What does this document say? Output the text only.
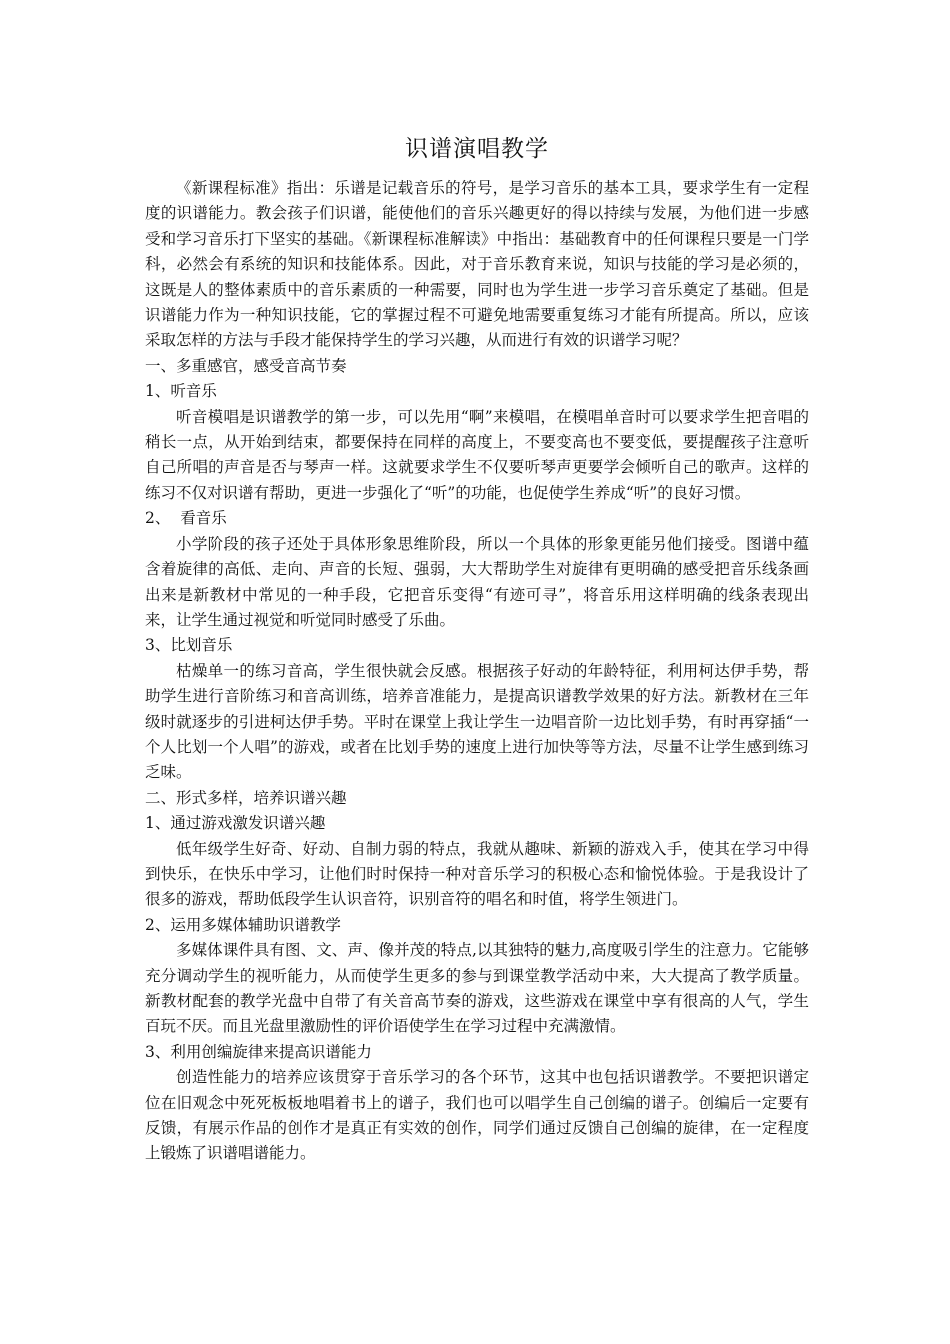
识谱演唱教学

《新课程标准》指出：乐谱是记载音乐的符号，是学习音乐的基本工具，要求学生有一定程度的识谱能力。教会孩子们识谱，能使他们的音乐兴趣更好的得以持续与发展，为他们进一步感受和学习音乐打下坚实的基础。《新课程标准解读》中指出：基础教育中的任何课程只要是一门学科，必然会有系统的知识和技能体系。因此，对于音乐教育来说，知识与技能的学习是必须的，这既是人的整体素质中的音乐素质的一种需要，同时也为学生进一步学习音乐奠定了基础。但是识谱能力作为一种知识技能，它的掌握过程不可避免地需要重复练习才能有所提高。所以，应该采取怎样的方法与手段才能保持学生的学习兴趣，从而进行有效的识谱学习呢？

一、多重感官，感受音高节奏

1、听音乐

听音模唱是识谱教学的第一步，可以先用“啊”来模唱，在模唱单音时可以要求学生把音唱的稍长一点，从开始到结束，都要保持在同样的高度上，不要变高也不要变低，要提醒孩子注意听自己所唱的声音是否与琴声一样。这就要求学生不仅要听琴声更要学会倾听自己的歌声。这样的练习不仅对识谱有帮助，更进一步强化了“听”的功能，也促使学生养成“听”的良好习惯。

2、  看音乐

小学阶段的孩子还处于具体形象思维阶段，所以一个具体的形象更能另他们接受。图谱中蕴含着旋律的高低、走向、声音的长短、强弱，大大帮助学生对旋律有更明确的感受把音乐线条画出来是新教材中常见的一种手段，它把音乐变得“有迹可寻”，将音乐用这样明确的线条表现出来，让学生通过视觉和听觉同时感受了乐曲。

3、比划音乐

枯燥单一的练习音高，学生很快就会反感。根据孩子好动的年龄特征，利用柯达伊手势，帮助学生进行音阶练习和音高训练，培养音准能力，是提高识谱教学效果的好方法。新教材在三年级时就逐步的引进柯达伊手势。平时在课堂上我让学生一边唱音阶一边比划手势，有时再穿插“一个人比划一个人唱”的游戏，或者在比划手势的速度上进行加快等等方法，尽量不让学生感到练习乏味。

二、形式多样，培养识谱兴趣

1、通过游戏激发识谱兴趣

低年级学生好奇、好动、自制力弱的特点，我就从趣味、新颖的游戏入手，使其在学习中得到快乐，在快乐中学习，让他们时时保持一种对音乐学习的积极心态和愉悦体验。于是我设计了很多的游戏，帮助低段学生认识音符，识别音符的唱名和时值，将学生领进门。

2、运用多媒体辅助识谱教学

多媒体课件具有图、文、声、像并茂的特点,以其独特的魅力,高度吸引学生的注意力。它能够充分调动学生的视听能力，从而使学生更多的参与到课堂教学活动中来，大大提高了教学质量。新教材配套的教学光盘中自带了有关音高节奏的游戏，这些游戏在课堂中享有很高的人气，学生百玩不厌。而且光盘里激励性的评价语使学生在学习过程中充满激情。

3、利用创编旋律来提高识谱能力

创造性能力的培养应该贯穿于音乐学习的各个环节，这其中也包括识谱教学。不要把识谱定位在旧观念中死死板板地唱着书上的谱子，我们也可以唱学生自己创编的谱子。创编后一定要有反馈，有展示作品的创作才是真正有实效的创作，同学们通过反馈自己创编的旋律，在一定程度上锻炼了识谱唱谱能力。
